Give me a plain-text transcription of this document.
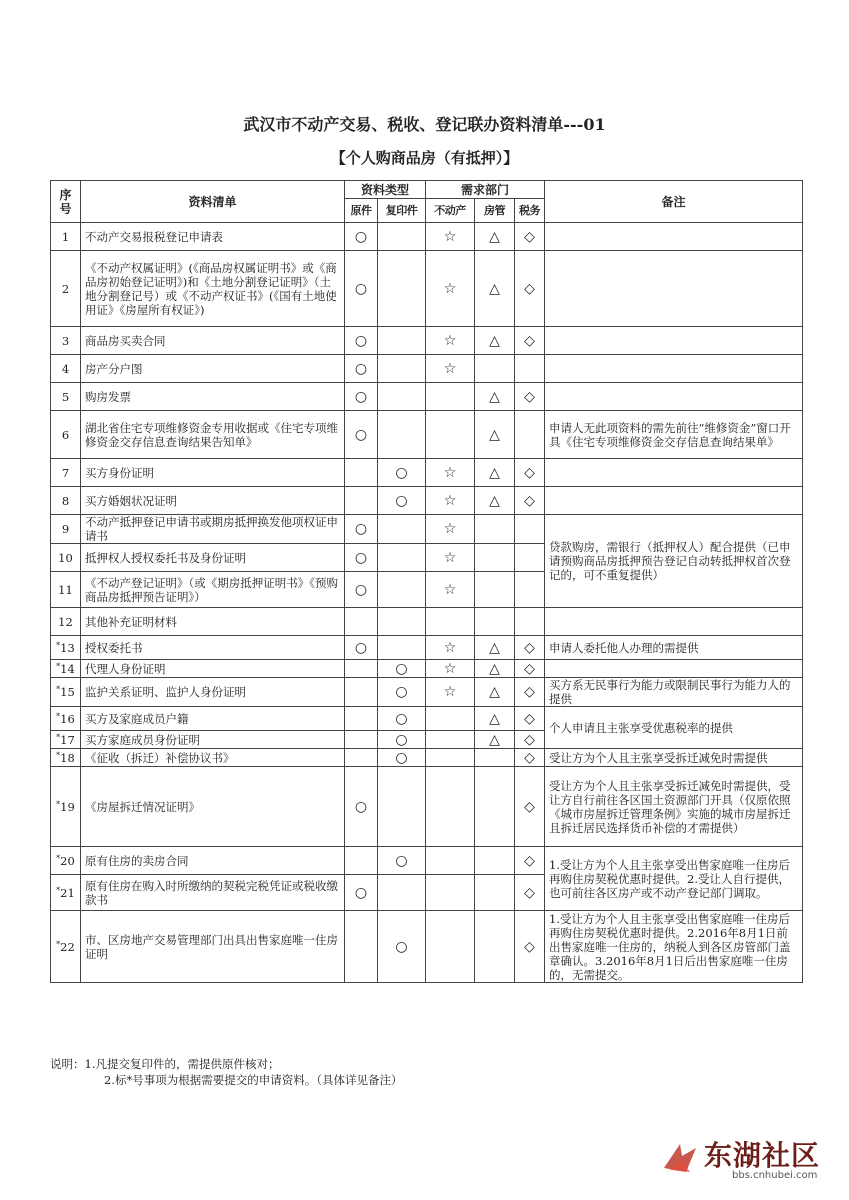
武汉市不动产交易、税收、登记联办资料清单---01
【个人购商品房（有抵押）】
序号	资料清单	资料类型		需求部门			备注
		原件	复印件	不动产	房管	税务	
1	不动产交易报税登记申请表	○		☆	△	◇	
2	《不动产权属证明》(《商品房权属证明书》或《商品房初始登记证明》)和《土地分割登记证明》（土地分割登记号）或《不动产权证书》(《国有土地使用证》《房屋所有权证》)	○		☆	△	◇	
3	商品房买卖合同	○		☆	△	◇	
4	房产分户图	○		☆			
5	购房发票	○			△	◇	
6	湖北省住宅专项维修资金专用收据或《住宅专项维修资金交存信息查询结果告知单》	○			△		申请人无此项资料的需先前往“维修资金”窗口开具《住宅专项维修资金交存信息查询结果单》
7	买方身份证明		○	☆	△	◇	
8	买方婚姻状况证明		○	☆	△	◇	
9	不动产抵押登记申请书或期房抵押换发他项权证申请书	○		☆			贷款购房，需银行（抵押权人）配合提供（已申请预购商品房抵押预告登记自动转抵押权首次登记的，可不重复提供）
10	抵押权人授权委托书及身份证明	○		☆			
11	《不动产登记证明》（或《期房抵押证明书》《预购商品房抵押预告证明》）	○		☆			
12	其他补充证明材料						
*13	授权委托书	○		☆	△	◇	申请人委托他人办理的需提供
*14	代理人身份证明		○	☆	△	◇	
*15	监护关系证明、监护人身份证明		○	☆	△	◇	买方系无民事行为能力或限制民事行为能力人的提供
*16	买方及家庭成员户籍		○		△	◇	个人申请且主张享受优惠税率的提供
*17	买方家庭成员身份证明		○		△	◇	
*18	《征收（拆迁）补偿协议书》		○			◇	受让方为个人且主张享受拆迁减免时需提供
*19	《房屋拆迁情况证明》	○				◇	受让方为个人且主张享受拆迁减免时需提供，受让方自行前往各区国土资源部门开具（仅原依照《城市房屋拆迁管理条例》实施的城市房屋拆迁且拆迁居民选择货币补偿的才需提供）
*20	原有住房的卖房合同		○			◇	1.受让方为个人且主张享受出售家庭唯一住房后再购住房契税优惠时提供。2.受让人自行提供，也可前往各区房产或不动产登记部门调取。
*21	原有住房在购入时所缴纳的契税完税凭证或税收缴款书	○				◇	
*22	市、区房地产交易管理部门出具出售家庭唯一住房证明		○			◇	1.受让方为个人且主张享受出售家庭唯一住房后再购住房契税优惠时提供。2.2016年8月1日前出售家庭唯一住房的，纳税人到各区房管部门盖章确认。3.2016年8月1日后出售家庭唯一住房的，无需提交。
说明：1.凡提交复印件的，需提供原件核对；
2.标*号事项为根据需要提交的申请资料。（具体详见备注）
东湖社区
bbs.cnhubei.com
